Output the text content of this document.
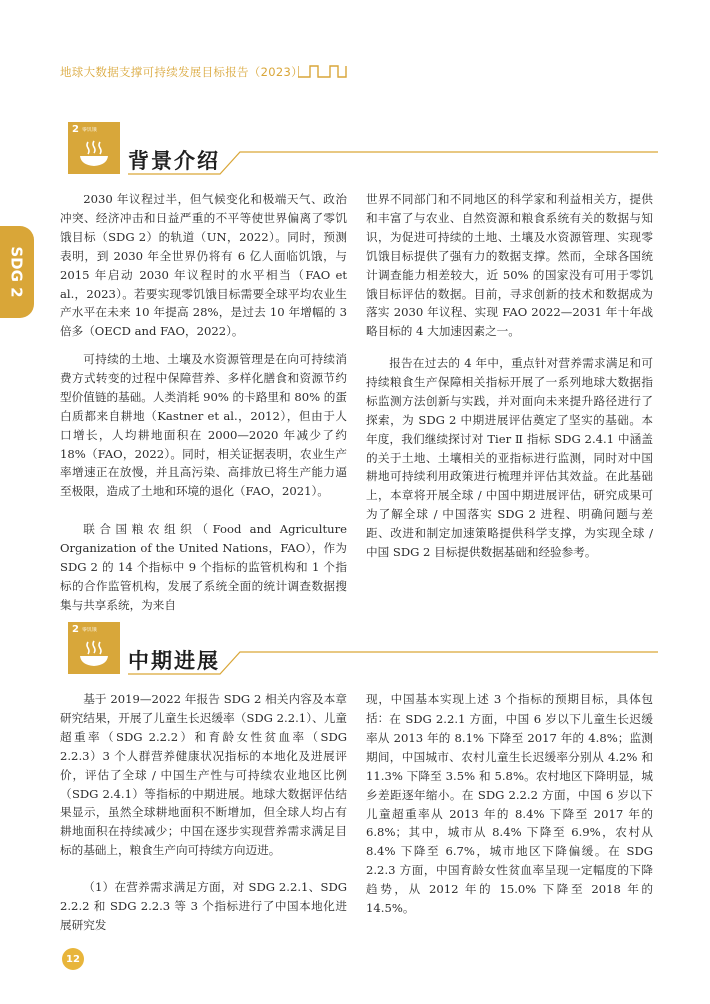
地球大数据支撑可持续发展目标报告（2023）
SDG 2
2 零饥饿
背景介绍

2030 年议程过半，但气候变化和极端天气、政治冲突、经济冲击和日益严重的不平等使世界偏离了零饥饿目标（SDG 2）的轨道（UN，2022）。同时，预测表明，到 2030 年全世界仍将有 6 亿人面临饥饿，与 2015 年启动 2030 年议程时的水平相当（FAO et al.，2023）。若要实现零饥饿目标需要全球平均农业生产水平在未来 10 年提高 28%，是过去 10 年增幅的 3 倍多（OECD and FAO，2022）。

可持续的土地、土壤及水资源管理是在向可持续消费方式转变的过程中保障营养、多样化膳食和资源节约型价值链的基础。人类消耗 90% 的卡路里和 80% 的蛋白质都来自耕地（Kastner et al.，2012），但由于人口增长，人均耕地面积在 2000—2020 年减少了约 18%（FAO，2022）。同时，相关证据表明，农业生产率增速正在放慢，并且高污染、高排放已将生产能力逼至极限，造成了土地和环境的退化（FAO，2021）。

联合国粮农组织（Food and Agriculture Organization of the United Nations，FAO），作为 SDG 2 的 14 个指标中 9 个指标的监管机构和 1 个指标的合作监管机构，发展了系统全面的统计调查数据搜集与共享系统，为来自

世界不同部门和不同地区的科学家和利益相关方，提供和丰富了与农业、自然资源和粮食系统有关的数据与知识，为促进可持续的土地、土壤及水资源管理、实现零饥饿目标提供了强有力的数据支撑。然而，全球各国统计调查能力相差较大，近 50% 的国家没有可用于零饥饿目标评估的数据。目前，寻求创新的技术和数据成为落实 2030 年议程、实现 FAO 2022—2031 年十年战略目标的 4 大加速因素之一。

报告在过去的 4 年中，重点针对营养需求满足和可持续粮食生产保障相关指标开展了一系列地球大数据指标监测方法创新与实践，并对面向未来提升路径进行了探索，为 SDG 2 中期进展评估奠定了坚实的基础。本年度，我们继续探讨对 Tier Ⅱ 指标 SDG 2.4.1 中涵盖的关于土地、土壤相关的亚指标进行监测，同时对中国耕地可持续利用政策进行梳理并评估其效益。在此基础上，本章将开展全球 / 中国中期进展评估，研究成果可为了解全球 / 中国落实 SDG 2 进程、明确问题与差距、改进和制定加速策略提供科学支撑，为实现全球 / 中国 SDG 2 目标提供数据基础和经验参考。

2 零饥饿
中期进展

基于 2019—2022 年报告 SDG 2 相关内容及本章研究结果，开展了儿童生长迟缓率（SDG 2.2.1）、儿童超重率（SDG 2.2.2）和育龄女性贫血率（SDG 2.2.3）3 个人群营养健康状况指标的本地化及进展评价，评估了全球 / 中国生产性与可持续农业地区比例（SDG 2.4.1）等指标的中期进展。地球大数据评估结果显示，虽然全球耕地面积不断增加，但全球人均占有耕地面积在持续减少；中国在逐步实现营养需求满足目标的基础上，粮食生产向可持续方向迈进。

（1）在营养需求满足方面，对 SDG 2.2.1、SDG 2.2.2 和 SDG 2.2.3 等 3 个指标进行了中国本地化进展研究发

现，中国基本实现上述 3 个指标的预期目标，具体包括： 在 SDG 2.2.1 方面，中国 6 岁以下儿童生长迟缓率从 2013 年的 8.1% 下降至 2017 年的 4.8%；监测期间，中国城市、农村儿童生长迟缓率分别从 4.2% 和 11.3% 下降至 3.5% 和 5.8%。农村地区下降明显，城乡差距逐年缩小。在 SDG 2.2.2 方面，中国 6 岁以下儿童超重率从 2013 年的 8.4% 下降至 2017 年的 6.8%；其中，城市从 8.4% 下降至 6.9%，农村从 8.4% 下降至 6.7%，城市地区下降偏缓。在 SDG 2.2.3 方面，中国育龄女性贫血率呈现一定幅度的下降趋势，从 2012 年的 15.0% 下降至 2018 年的 14.5%。

12
